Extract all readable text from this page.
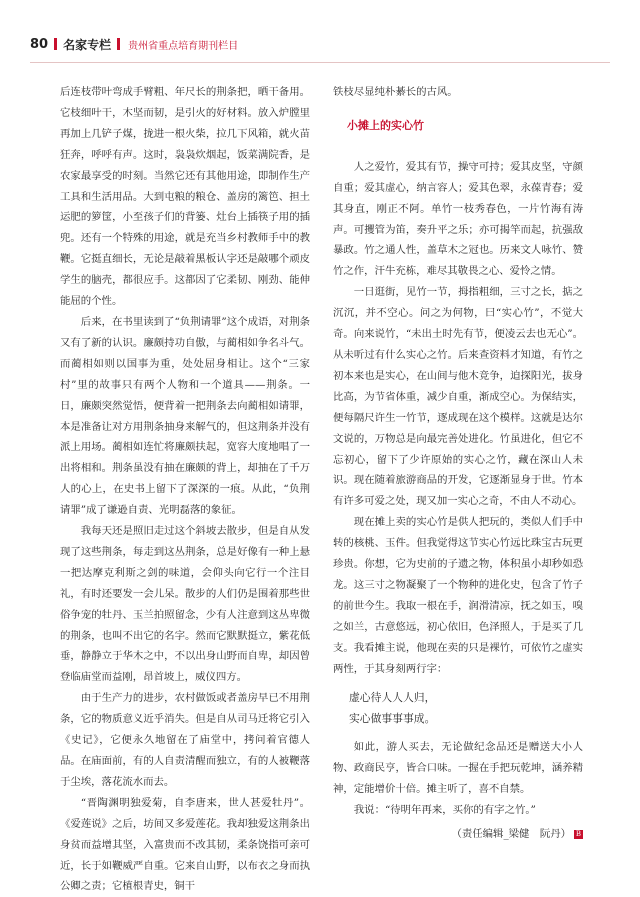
80 名家专栏 贵州省重点培育期刊栏目

后连枝带叶弯成手臂粗、年尺长的荆条把，晒干备用。它枝细叶干，木坚而韧，是引火的好材料。放入炉膛里再加上几铲子煤，拢进一根火柴，拉几下风箱，就火苗狂奔，呼呼有声。这时，袅袅炊烟起，饭菜满院香，是农家最享受的时刻。当然它还有其他用途，即制作生产工具和生活用品。大到屯粮的粮仓、盖房的篱笆、担土运肥的箩筐，小至孩子们的背篓、灶台上插筷子用的插兜。还有一个特殊的用途，就是充当乡村教师手中的教鞭。它挺直细长，无论是敲着黑板认字还是敲哪个顽皮学生的脑壳，都很应手。这都因了它柔韧、刚劲、能伸能屈的个性。

后来，在书里读到了“负荆请罪”这个成语，对荆条又有了新的认识。廉颇持功自傲，与蔺相如争名斗气。而蔺相如则以国事为重，处处屈身相让。这个“三家村”里的故事只有两个人物和一个道具——荆条。一日，廉颇突然觉悟，便背着一把荆条去向蔺相如请罪，本是准备让对方用荆条抽身来解气的，但这荆条并没有派上用场。蔺相如连忙将廉颇扶起，宽容大度地唱了一出将相和。荆条虽没有抽在廉颇的背上，却抽在了千万人的心上，在史书上留下了深深的一痕。从此，“负荆请罪”成了谦逊自责、光明磊落的象征。

我每天还是照旧走过这个斜坡去散步，但是自从发现了这些荆条，每走到这丛荆条，总是好像有一种上悬一把达摩克利斯之剑的味道，会仰头向它行一个注目礼，有时还要发一会儿呆。散步的人们仍是围着那些世俗争宠的牡丹、玉兰拍照留念，少有人注意到这丛卑微的荆条，也叫不出它的名字。然而它默默挺立，紫花低垂，静静立于华木之中，不以出身山野而自卑，却因曾登临庙堂而益刚，昂首坡上，威仪四方。

由于生产力的进步，农村做饭或者盖房早已不用荆条，它的物质意义近乎消失。但是自从司马迁将它引入《史记》，它便永久地留在了庙堂中，拷问着官德人品。在庙面前，有的人自责清醒而独立，有的人被鞭落于尘埃，落花流水而去。

“晋陶渊明独爱菊，自李唐来，世人甚爱牡丹”。《爱莲说》之后，坊间又多爱莲花。我却独爱这荆条出身贫而益增其坚，入富贵而不改其韧，柔条饶指可亲可近，长于如鞭威严自重。它来自山野，以布衣之身而执公卿之责；它植根青史，铜干

铁枝尽显纯朴綦长的古风。

小摊上的实心竹

人之爱竹，爱其有节，操守可持；爱其皮坚，守颜自重；爱其虚心，纳言容人；爱其色翠，永葆青春；爱其身直，刚正不阿。单竹一枝秀春色，一片竹海有涛声。可攫管为笛，奏升平之乐；亦可揭竿而起，抗强敌暴政。竹之通人性，盖草木之冠也。历来文人咏竹、赞竹之作，汗牛充栋，难尽其敬畏之心、爱怜之情。

一日逛街，见竹一节，拇指粗细，三寸之长，掂之沉沉，并不空心。问之为何物，曰“实心竹”，不觉大奇。向来说竹，“未出土时先有节，便凌云去也无心”。从未听过有什么实心之竹。后来查资料才知道，有竹之初本来也是实心，在山间与他木竞争，迫探阳光，拔身比高，为节省体重，减少自重，渐成空心。为保结实，便每隔尺许生一竹节，逐成现在这个模样。这就是达尔文说的，万物总是向最完善处进化。竹虽进化，但它不忘初心，留下了少许原始的实心之竹，藏在深山人未识。现在随着旅游商品的开发，它逐渐显身于世。竹本有许多可爱之处，现又加一实心之奇，不由人不动心。

现在摊上卖的实心竹是供人把玩的，类似人们手中转的核桃、玉件。但我觉得这节实心竹远比珠宝古玩更珍贵。你想，它为史前的子遗之物，体积虽小却秒如恐龙。这三寸之物凝聚了一个物种的进化史，包含了竹子的前世今生。我取一根在手，润滑清凉，抚之如玉，嗅之如兰，古意悠远，初心依旧，色泽照人，于是买了几支。我看摊主说，他现在卖的只是裸竹，可依竹之虚实两性，于其身刻两行字：

虚心待人人人归，
实心做事事事成。

如此，游人买去，无论做纪念品还是赠送大小人物、政商民亨，皆合口味。一握在手把玩乾坤，涵养精神，定能增价十倍。摊主听了，喜不自禁。

我说：“待明年再来，买你的有字之竹。”

（责任编辑_梁健　阮丹） B
